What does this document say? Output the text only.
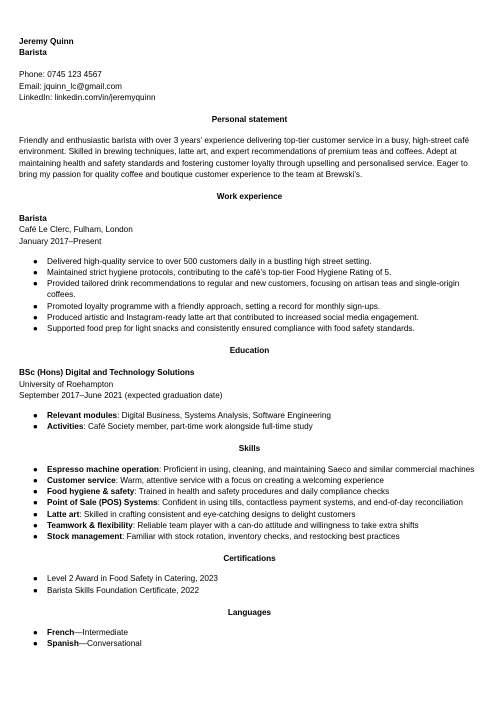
Jeremy Quinn
Barista
Phone: 0745 123 4567
Email: jquinn_lc@gmail.com
LinkedIn: linkedin.com/in/jeremyquinn
Personal statement
Friendly and enthusiastic barista with over 3 years’ experience delivering top-tier customer service in a busy, high-street café environment. Skilled in brewing techniques, latte art, and expert recommendations of premium teas and coffees. Adept at maintaining health and safety standards and fostering customer loyalty through upselling and personalised service. Eager to bring my passion for quality coffee and boutique customer experience to the team at Brewski’s.
Work experience
Barista
Café Le Clerc, Fulham, London
January 2017–Present
● Delivered high-quality service to over 500 customers daily in a bustling high street setting.
● Maintained strict hygiene protocols, contributing to the café’s top-tier Food Hygiene Rating of 5.
● Provided tailored drink recommendations to regular and new customers, focusing on artisan teas and single-origin coffees.
● Promoted loyalty programme with a friendly approach, setting a record for monthly sign-ups.
● Produced artistic and Instagram-ready latte art that contributed to increased social media engagement.
● Supported food prep for light snacks and consistently ensured compliance with food safety standards.
Education
BSc (Hons) Digital and Technology Solutions
University of Roehampton
September 2017–June 2021 (expected graduation date)
● Relevant modules: Digital Business, Systems Analysis, Software Engineering
● Activities: Café Society member, part-time work alongside full-time study
Skills
● Espresso machine operation: Proficient in using, cleaning, and maintaining Saeco and similar commercial machines
● Customer service: Warm, attentive service with a focus on creating a welcoming experience
● Food hygiene & safety: Trained in health and safety procedures and daily compliance checks
● Point of Sale (POS) Systems: Confident in using tills, contactless payment systems, and end-of-day reconciliation
● Latte art: Skilled in crafting consistent and eye-catching designs to delight customers
● Teamwork & flexibility: Reliable team player with a can-do attitude and willingness to take extra shifts
● Stock management: Familiar with stock rotation, inventory checks, and restocking best practices
Certifications
● Level 2 Award in Food Safety in Catering, 2023
● Barista Skills Foundation Certificate, 2022
Languages
● French—Intermediate
● Spanish—Conversational
